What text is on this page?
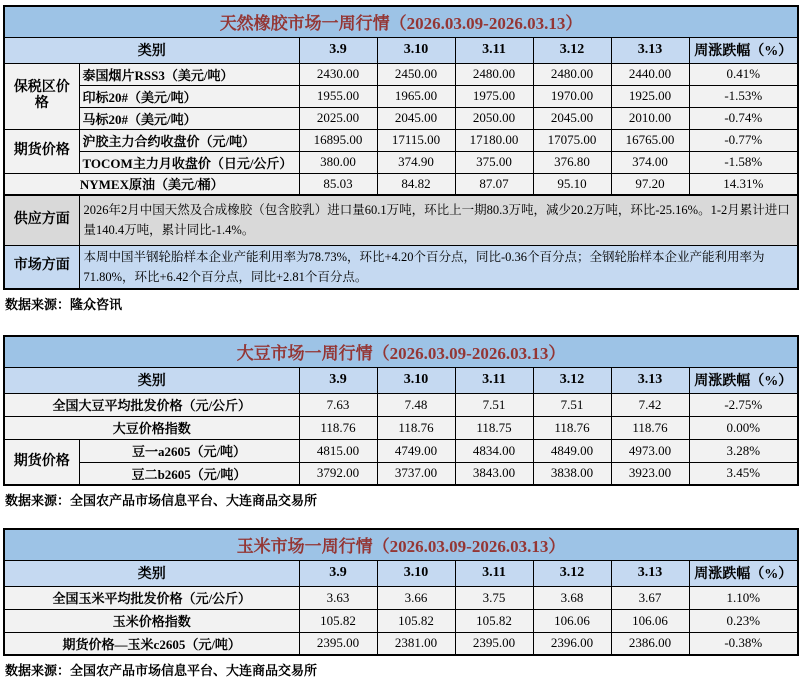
天然橡胶市场一周行情（2026.03.09-2026.03.13）							
类别		3.9	3.10	3.11	3.12	3.13	周涨跌幅（%）
保税区价格	泰国烟片RSS3（美元/吨）	2430.00	2450.00	2480.00	2480.00	2440.00	0.41%
	印标20#（美元/吨）	1955.00	1965.00	1975.00	1970.00	1925.00	-1.53%
	马标20#（美元/吨）	2025.00	2045.00	2050.00	2045.00	2010.00	-0.74%
期货价格	沪胶主力合约收盘价（元/吨）	16895.00	17115.00	17180.00	17075.00	16765.00	-0.77%
	TOCOM主力月收盘价（日元/公斤）	380.00	374.90	375.00	376.80	374.00	-1.58%
NYMEX原油（美元/桶）		85.03	84.82	87.07	95.10	97.20	14.31%
供应方面	2026年2月中国天然及合成橡胶（包含胶乳）进口量60.1万吨，环比上一期80.3万吨，减少20.2万吨，环比-25.16%。1-2月累计进口量140.4万吨，累计同比-1.4%。						
市场方面	本周中国半钢轮胎样本企业产能利用率为78.73%，环比+4.20个百分点，同比-0.36个百分点；全钢轮胎样本企业产能利用率为71.80%，环比+6.42个百分点，同比+2.81个百分点。						
数据来源：隆众咨讯
大豆市场一周行情（2026.03.09-2026.03.13）							
类别		3.9	3.10	3.11	3.12	3.13	周涨跌幅（%）
全国大豆平均批发价格（元/公斤）		7.63	7.48	7.51	7.51	7.42	-2.75%
大豆价格指数		118.76	118.76	118.75	118.76	118.76	0.00%
期货价格	豆一a2605（元/吨）	4815.00	4749.00	4834.00	4849.00	4973.00	3.28%
	豆二b2605（元/吨）	3792.00	3737.00	3843.00	3838.00	3923.00	3.45%
数据来源：全国农产品市场信息平台、大连商品交易所
玉米市场一周行情（2026.03.09-2026.03.13）						
类别	3.9	3.10	3.11	3.12	3.13	周涨跌幅（%）
全国玉米平均批发价格（元/公斤）	3.63	3.66	3.75	3.68	3.67	1.10%
玉米价格指数	105.82	105.82	105.82	106.06	106.06	0.23%
期货价格—玉米c2605（元/吨）	2395.00	2381.00	2395.00	2396.00	2386.00	-0.38%
数据来源：全国农产品市场信息平台、大连商品交易所
